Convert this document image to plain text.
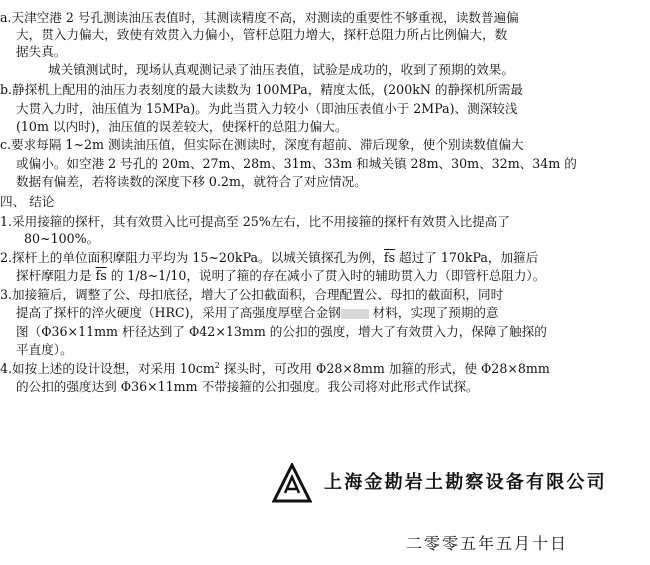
a.天津空港 2 号孔测读油压表值时，其测读精度不高，对测读的重要性不够重视，读数普遍偏
大，贯入力偏大，致使有效贯入力偏小，管杆总阻力增大，探杆总阻力所占比例偏大，数
据失真。
城关镇测试时，现场认真观测记录了油压表值，试验是成功的，收到了预期的效果。
b.静探机上配用的油压力表刻度的最大读数为 100MPa，精度太低，(200kN 的静探机所需最
大贯入力时，油压值为 15MPa)。为此当贯入力较小（即油压表值小于 2MPa)、测深较浅
(10m 以内时)，油压值的误差较大，使探杆的总阻力偏大。
c.要求每隔 1~2m 测读油压值，但实际在测读时，深度有超前、滞后现象，使个别读数值偏大
或偏小。如空港 2 号孔的 20m、27m、28m、31m、33m 和城关镇 28m、30m、32m、34m 的
数据有偏差，若将读数的深度下移 0.2m，就符合了对应情况。
四、 结论
1.采用接箍的探杆，其有效贯入比可提高至 25%左右，比不用接箍的探杆有效贯入比提高了
80~100%。
2.探杆上的单位面积摩阻力平均为 15~20kPa。以城关镇探孔为例，$\overline{fs}$ 超过了 170kPa，加箍后
探杆摩阻力是 $\overline{fs}$ 的 1/8~1/10，说明了箍的存在减小了贯入时的辅助贯入力（即管杆总阻力）。
3.加接箍后，调整了公、母扣底径，增大了公扣截面积，合理配置公、母扣的截面积，同时
提高了探杆的淬火硬度（HRC)，采用了高强度厚壁合金钢 材料，实现了预期的意
图（Φ36×11mm 杆径达到了 Φ42×13mm 的公扣的强度，增大了有效贯入力，保障了触探的
平直度）。
4.如按上述的设计设想，对采用 $10cm^2$ 探头时，可改用 Φ28×8mm 加箍的形式，使 Φ28×8mm
的公扣的强度达到 Φ36×11mm 不带接箍的公扣强度。我公司将对此形式作试探。
上海金勘岩土勘察设备有限公司
二零零五年五月十日
